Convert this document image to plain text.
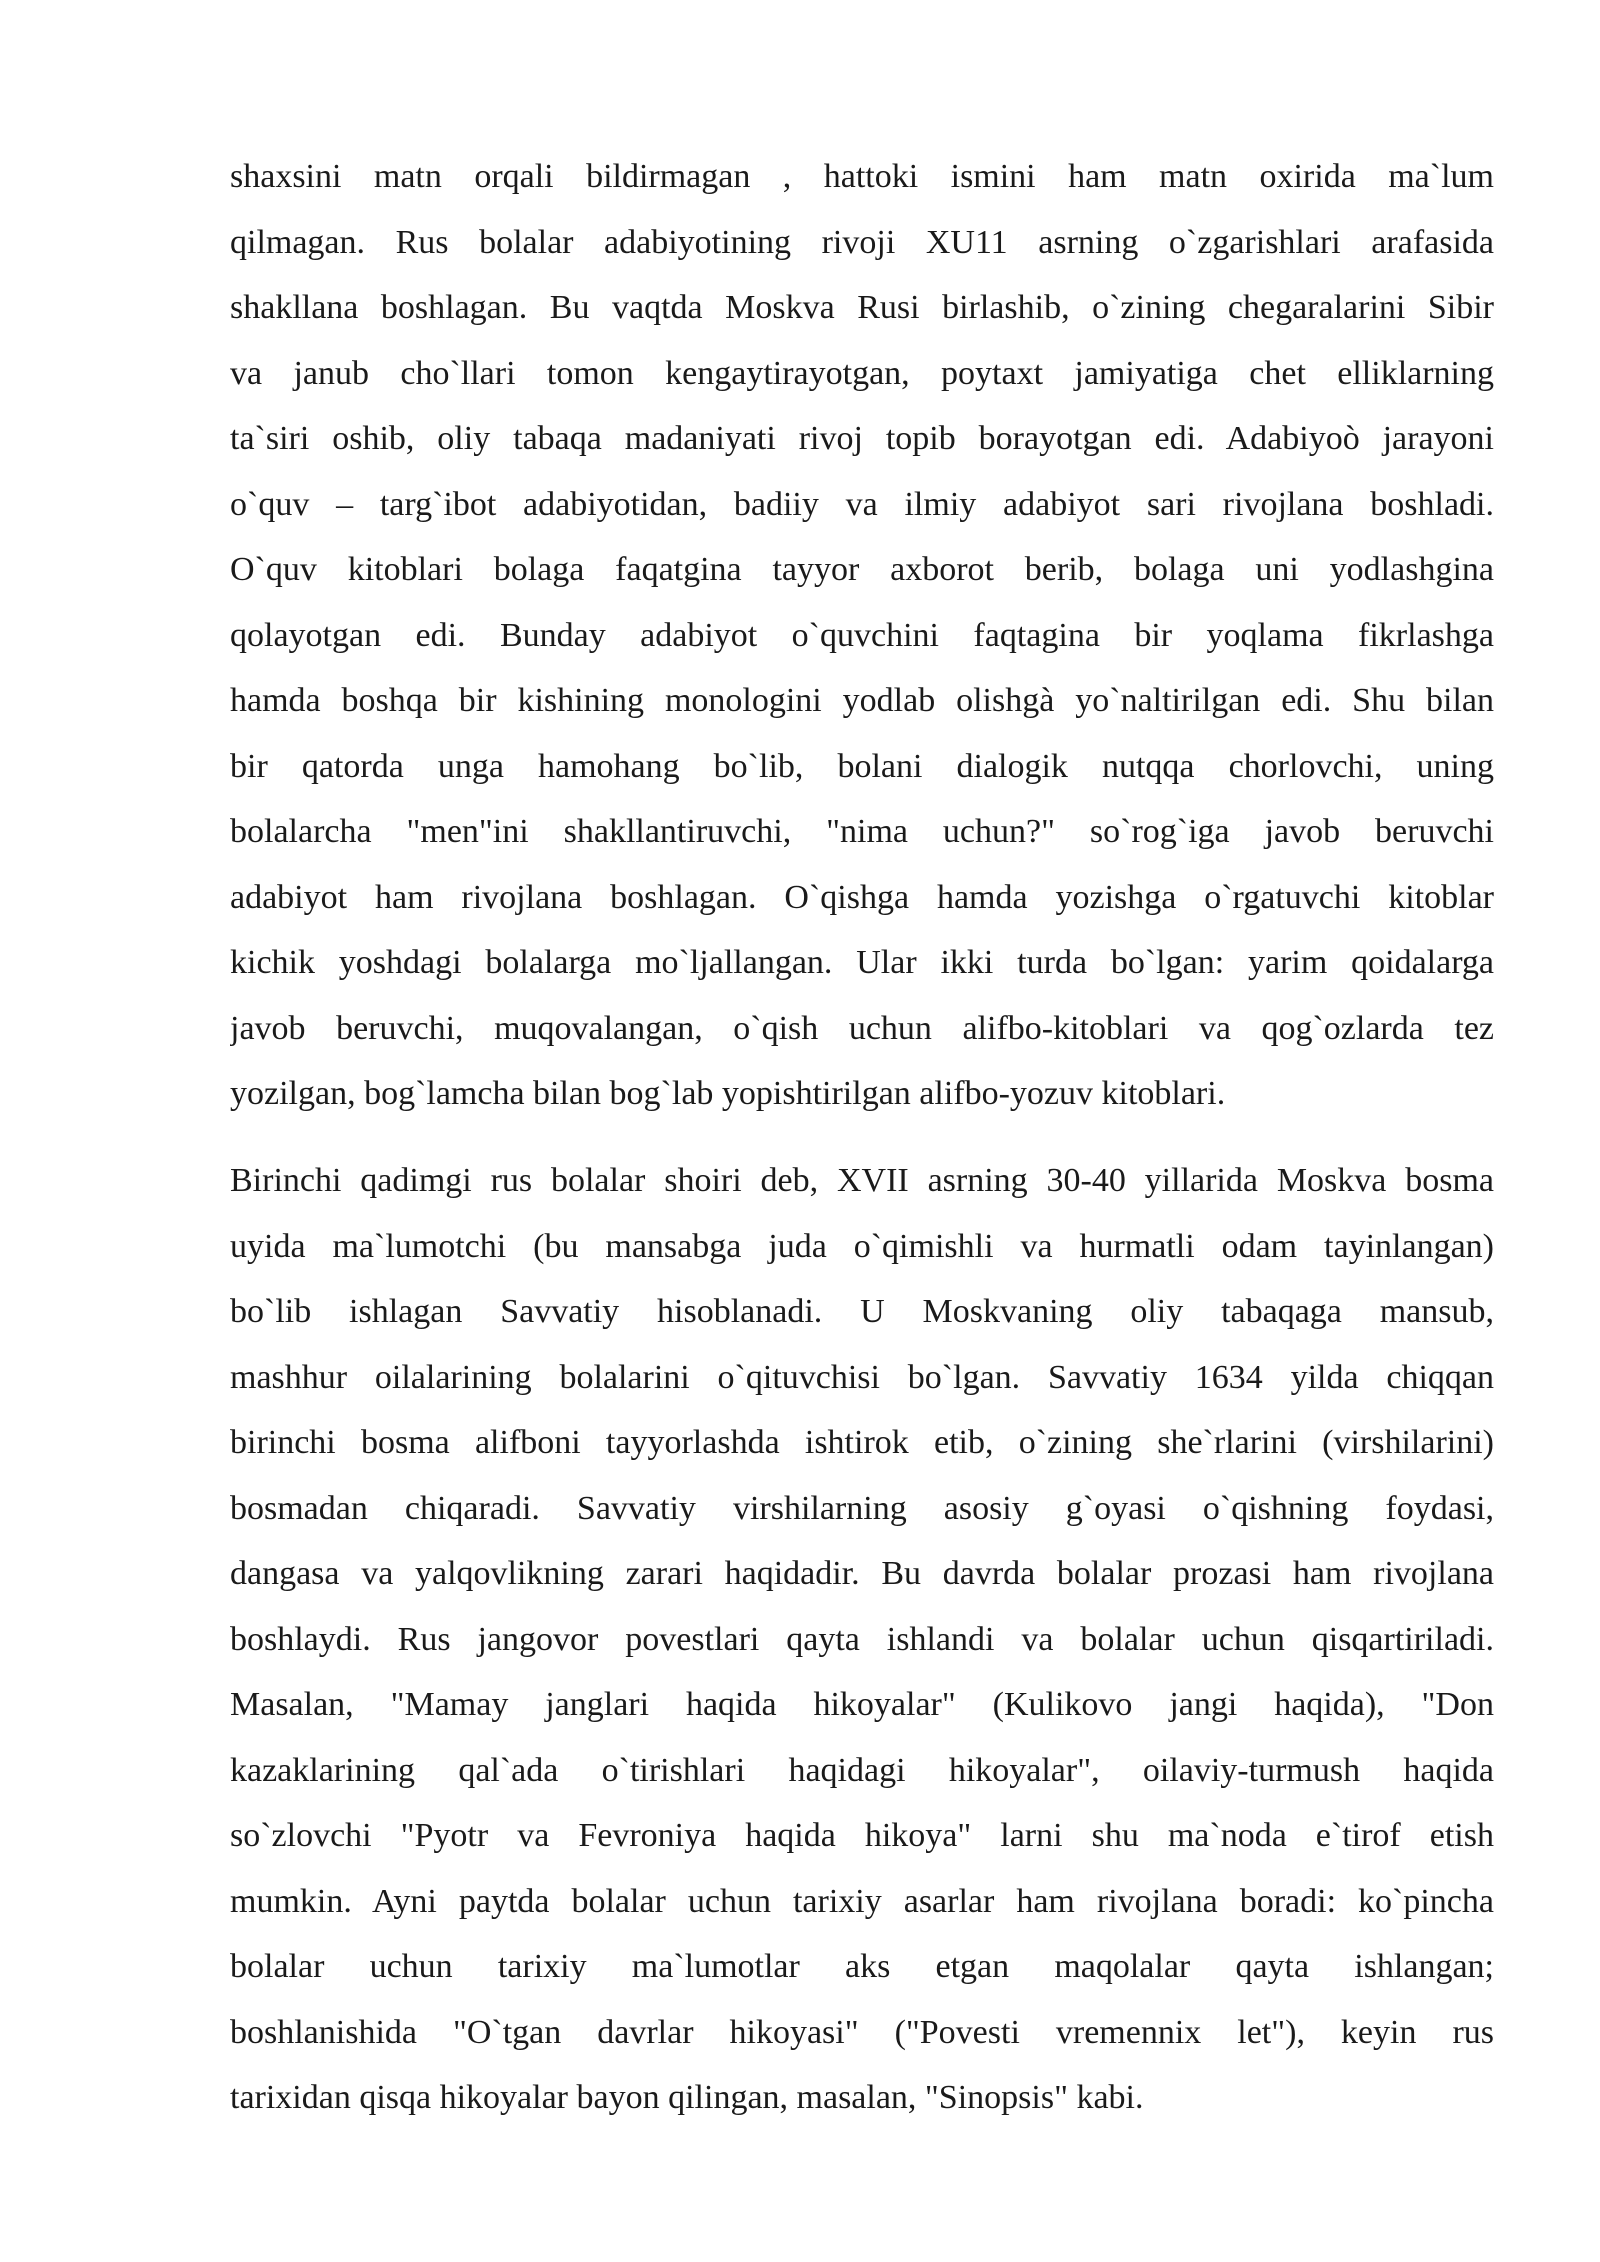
shaxsini matn orqali bildirmagan , hattoki ismini ham matn oxirida ma`lum
qilmagan. Rus bolalar adabiyotining rivoji XU11 asrning o`zgarishlari arafasida
shakllana boshlagan. Bu vaqtda Moskva Rusi birlashib, o`zining chegaralarini Sibir
va janub cho`llari tomon kengaytirayotgan, poytaxt jamiyatiga chet elliklarning
ta`siri oshib, oliy tabaqa madaniyati rivoj topib borayotgan edi. Adabiyoò jarayoni
o`quv – targ`ibot adabiyotidan, badiiy va ilmiy adabiyot sari rivojlana boshladi.
O`quv kitoblari bolaga faqatgina tayyor axborot berib, bolaga uni yodlashgina
qolayotgan edi. Bunday adabiyot o`quvchini faqtagina bir yoqlama fikrlashga
hamda boshqa bir kishining monologini yodlab olishgà yo`naltirilgan edi. Shu bilan
bir qatorda unga hamohang bo`lib, bolani dialogik nutqqa chorlovchi, uning
bolalarcha "men"ini shakllantiruvchi, "nima uchun?" so`rog`iga javob beruvchi
adabiyot ham rivojlana boshlagan. O`qishga hamda yozishga o`rgatuvchi kitoblar
kichik yoshdagi bolalarga mo`ljallangan. Ular ikki turda bo`lgan: yarim qoidalarga
javob beruvchi, muqovalangan, o`qish uchun alifbo-kitoblari va qog`ozlarda tez
yozilgan, bog`lamcha bilan bog`lab yopishtirilgan alifbo-yozuv kitoblari.
Birinchi qadimgi rus bolalar shoiri deb, XVII asrning 30-40 yillarida Moskva bosma
uyida ma`lumotchi (bu mansabga juda o`qimishli va hurmatli odam tayinlangan)
bo`lib ishlagan Savvatiy hisoblanadi. U Moskvaning oliy tabaqaga mansub,
mashhur oilalarining bolalarini o`qituvchisi bo`lgan. Savvatiy 1634 yilda chiqqan
birinchi bosma alifboni tayyorlashda ishtirok etib, o`zining she`rlarini (virshilarini)
bosmadan chiqaradi. Savvatiy virshilarning asosiy g`oyasi o`qishning foydasi,
dangasa va yalqovlikning zarari haqidadir. Bu davrda bolalar prozasi ham rivojlana
boshlaydi. Rus jangovor povestlari qayta ishlandi va bolalar uchun qisqartiriladi.
Masalan, "Mamay janglari haqida hikoyalar" (Kulikovo jangi haqida), "Don
kazaklarining qal`ada o`tirishlari haqidagi hikoyalar", oilaviy-turmush haqida
so`zlovchi "Pyotr va Fevroniya haqida hikoya" larni shu ma`noda e`tirof etish
mumkin. Ayni paytda bolalar uchun tarixiy asarlar ham rivojlana boradi: ko`pincha
bolalar uchun tarixiy ma`lumotlar aks etgan maqolalar qayta ishlangan;
boshlanishida "O`tgan davrlar hikoyasi" ("Povesti vremennix let"), keyin rus
tarixidan qisqa hikoyalar bayon qilingan, masalan, "Sinopsis" kabi.
